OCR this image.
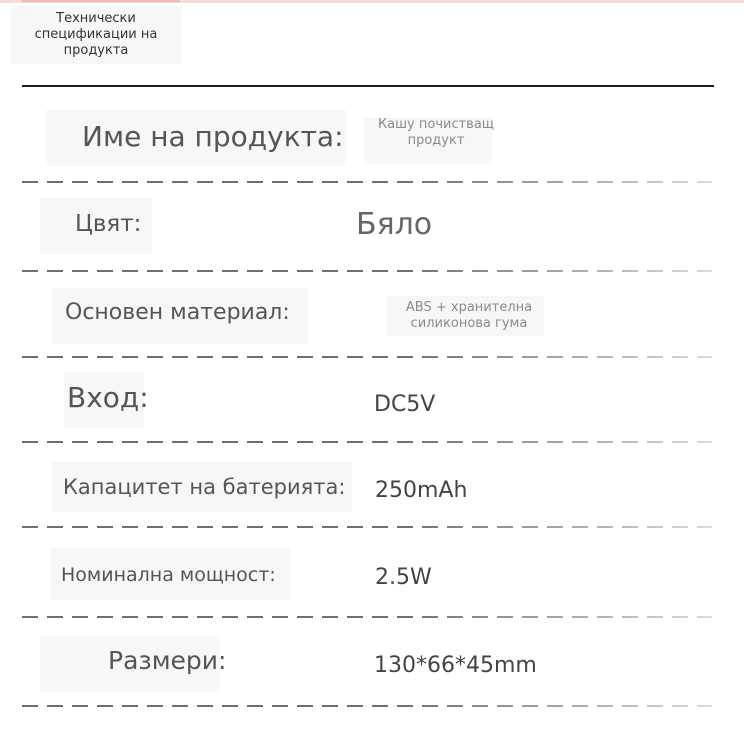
Технически спецификации на продукта
Име на продукта:	Кашу почистващ продукт
Цвят:	Бяло
Основен материал:	ABS + хранителна силиконова гума
Вход:	DC5V
Капацитет на батерията: 250mAh
Номинална мощност:	2.5W
Размери:	130*66*45mm
